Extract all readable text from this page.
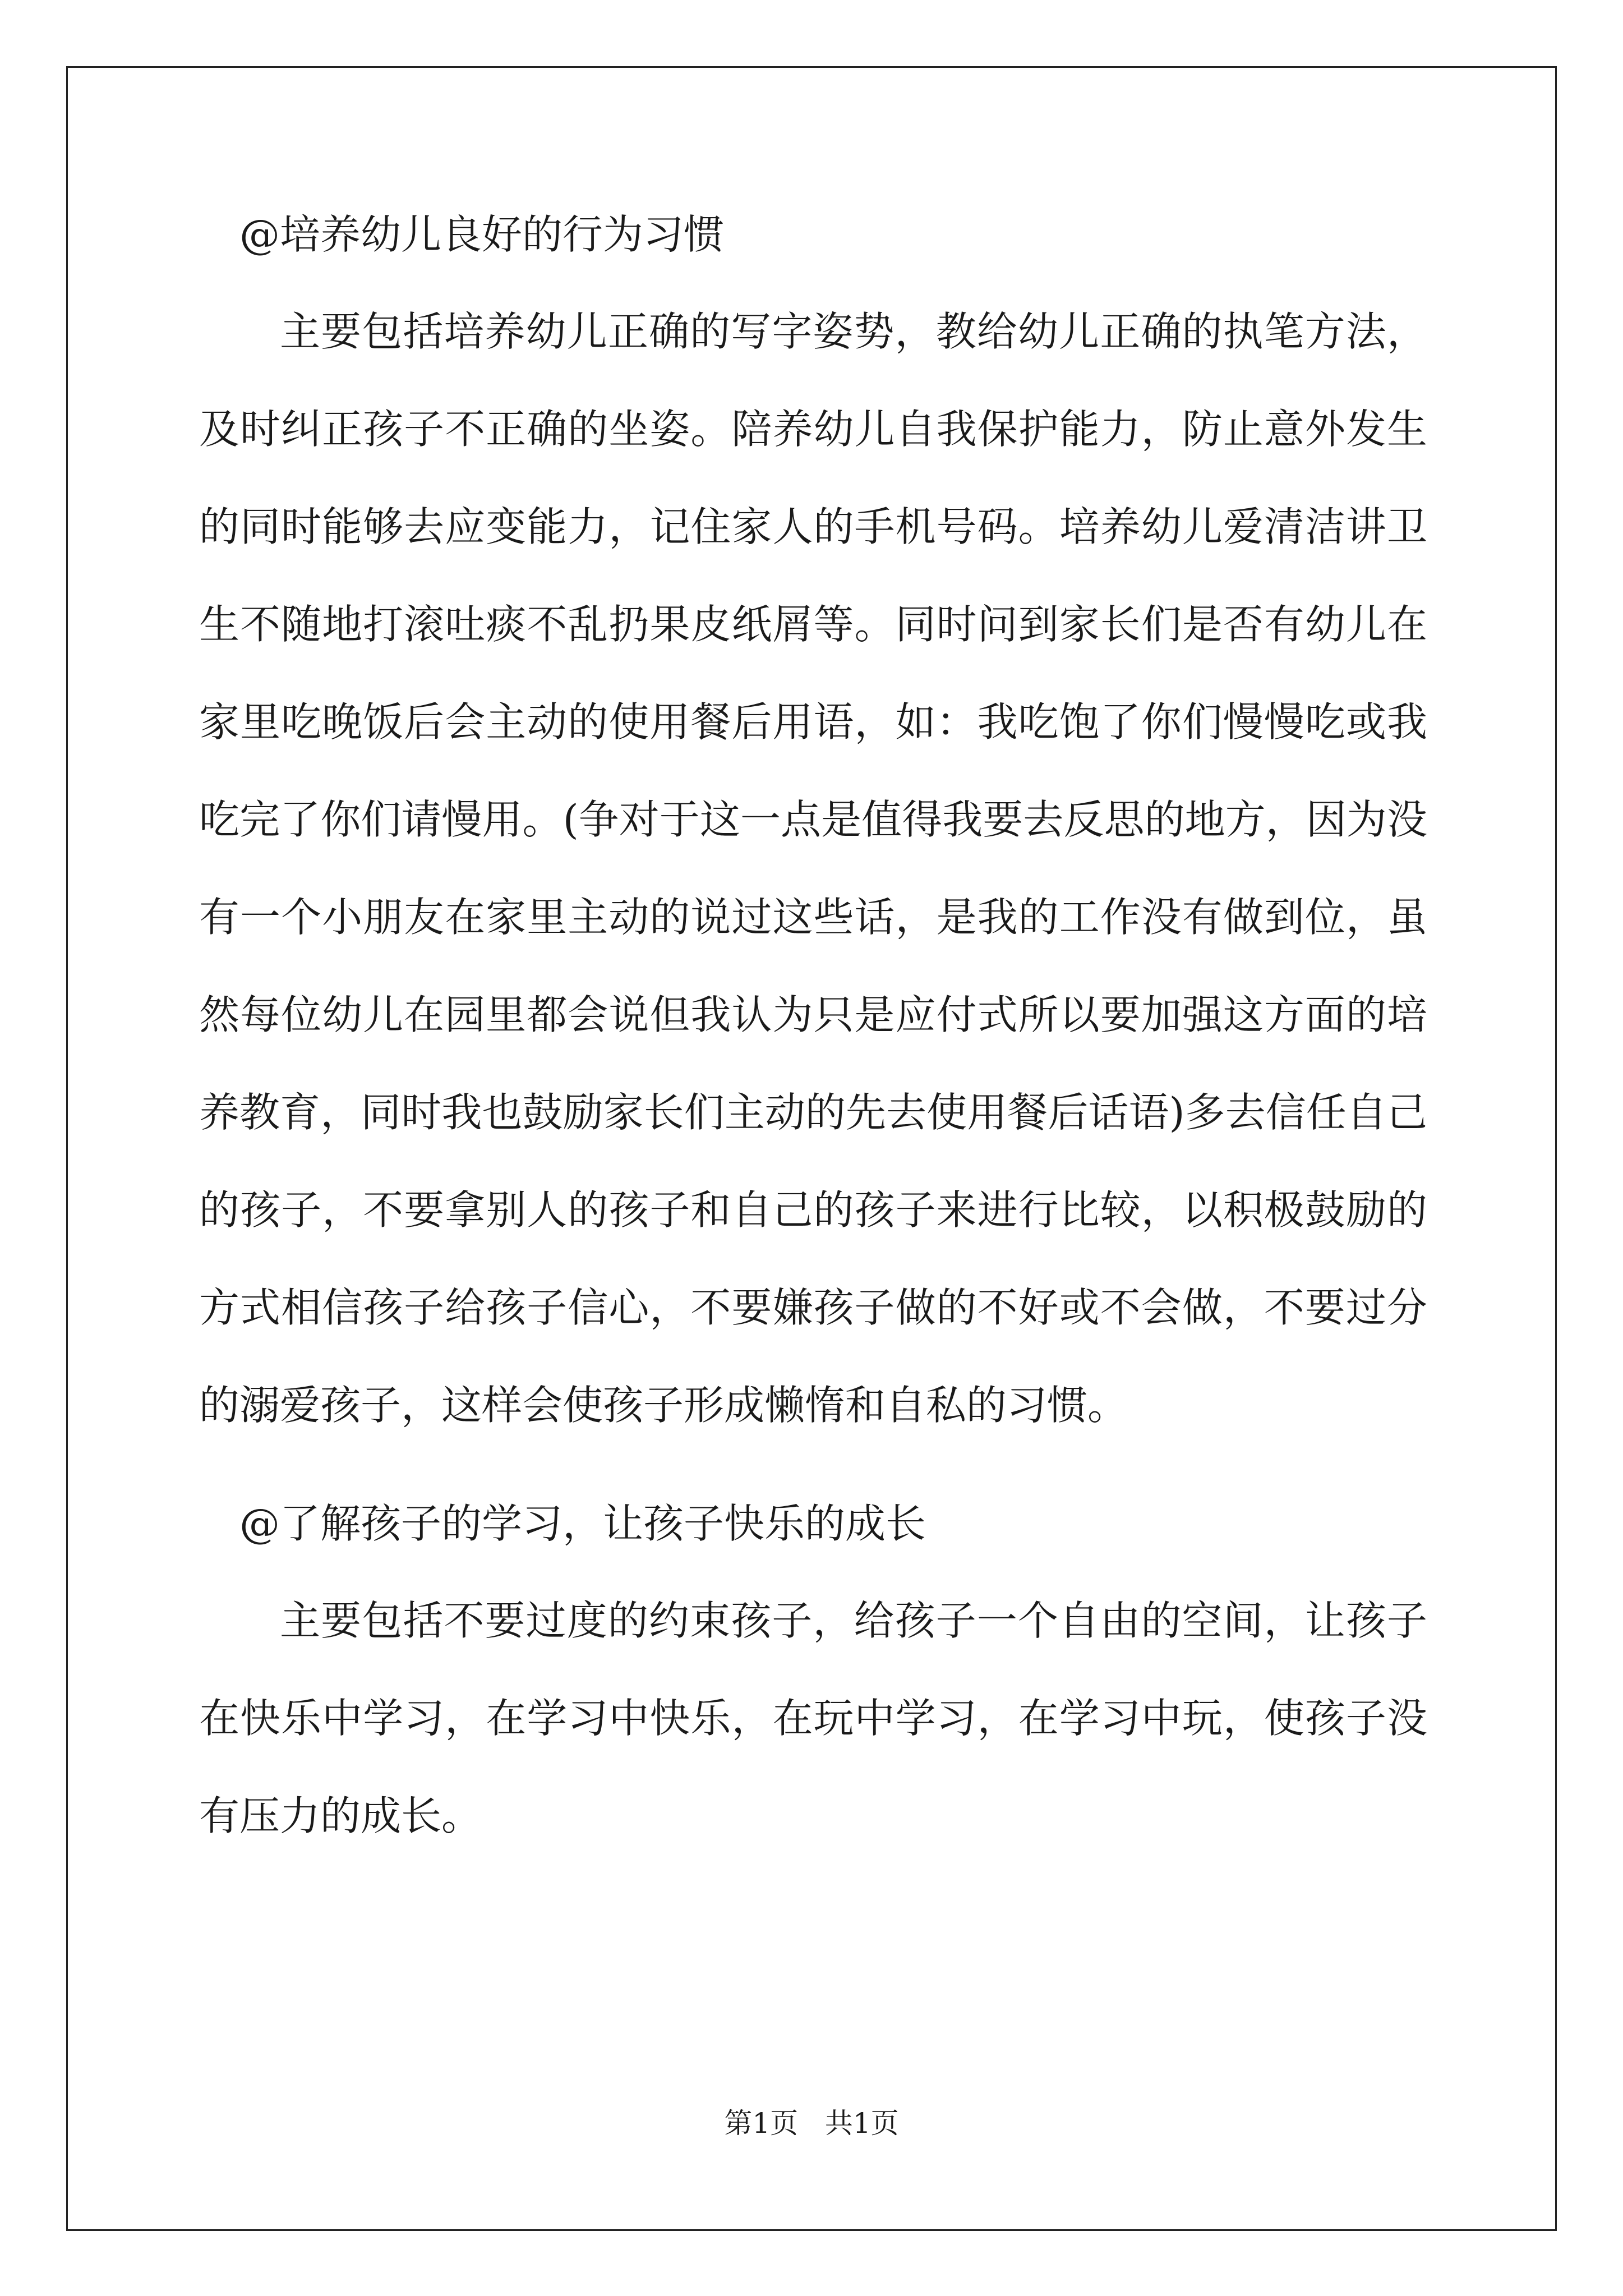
@培养幼儿良好的行为习惯

主要包括培养幼儿正确的写字姿势，教给幼儿正确的执笔方法，及时纠正孩子不正确的坐姿。陪养幼儿自我保护能力，防止意外发生的同时能够去应变能力，记住家人的手机号码。培养幼儿爱清洁讲卫生不随地打滚吐痰不乱扔果皮纸屑等。同时问到家长们是否有幼儿在家里吃晚饭后会主动的使用餐后用语，如：我吃饱了你们慢慢吃或我吃完了你们请慢用。(争对于这一点是值得我要去反思的地方，因为没有一个小朋友在家里主动的说过这些话，是我的工作没有做到位，虽然每位幼儿在园里都会说但我认为只是应付式所以要加强这方面的培养教育，同时我也鼓励家长们主动的先去使用餐后话语)多去信任自己的孩子，不要拿别人的孩子和自己的孩子来进行比较，以积极鼓励的方式相信孩子给孩子信心，不要嫌孩子做的不好或不会做，不要过分的溺爱孩子，这样会使孩子形成懒惰和自私的习惯。

@了解孩子的学习，让孩子快乐的成长

主要包括不要过度的约束孩子，给孩子一个自由的空间，让孩子在快乐中学习，在学习中快乐，在玩中学习，在学习中玩，使孩子没有压力的成长。

第1页   共1页
